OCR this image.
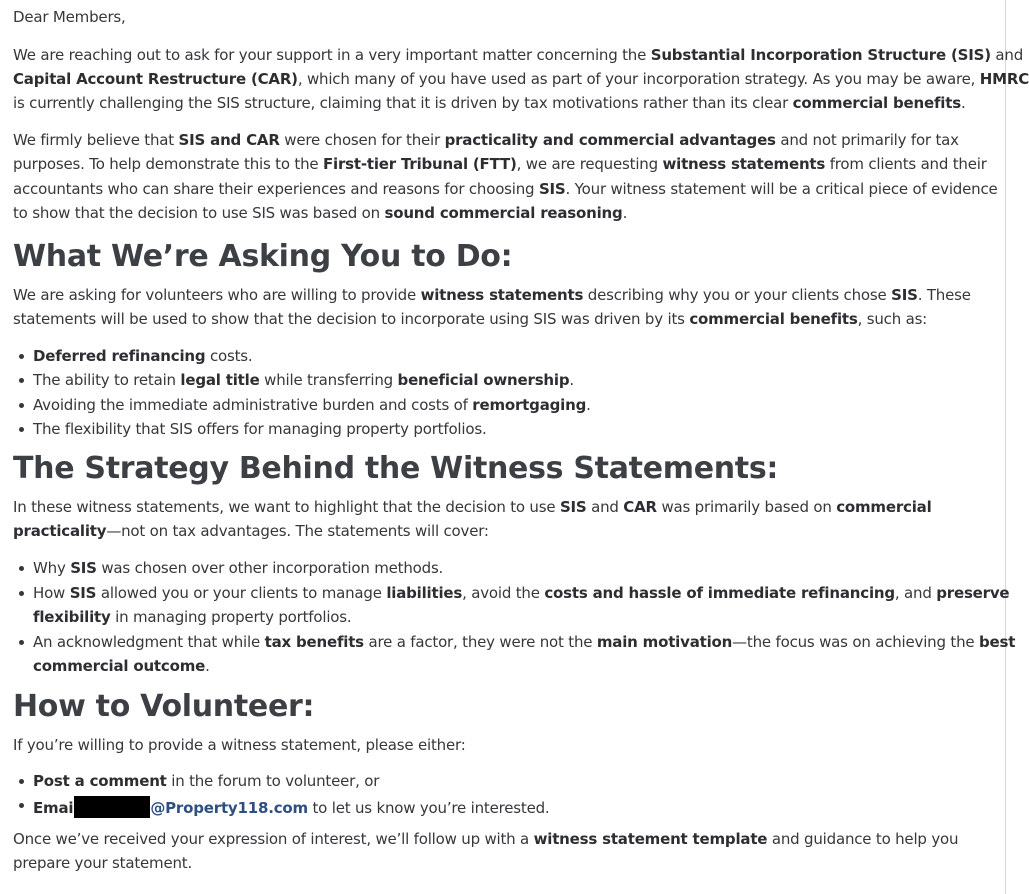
Dear Members,
We are reaching out to ask for your support in a very important matter concerning the Substantial Incorporation Structure (SIS) and
Capital Account Restructure (CAR), which many of you have used as part of your incorporation strategy. As you may be aware, HMRC
is currently challenging the SIS structure, claiming that it is driven by tax motivations rather than its clear commercial benefits.
We firmly believe that SIS and CAR were chosen for their practicality and commercial advantages and not primarily for tax
purposes. To help demonstrate this to the First-tier Tribunal (FTT), we are requesting witness statements from clients and their
accountants who can share their experiences and reasons for choosing SIS. Your witness statement will be a critical piece of evidence
to show that the decision to use SIS was based on sound commercial reasoning.
What We’re Asking You to Do:
We are asking for volunteers who are willing to provide witness statements describing why you or your clients chose SIS. These
statements will be used to show that the decision to incorporate using SIS was driven by its commercial benefits, such as:
Deferred refinancing costs.
The ability to retain legal title while transferring beneficial ownership.
Avoiding the immediate administrative burden and costs of remortgaging.
The flexibility that SIS offers for managing property portfolios.
The Strategy Behind the Witness Statements:
In these witness statements, we want to highlight that the decision to use SIS and CAR was primarily based on commercial
practicality—not on tax advantages. The statements will cover:
Why SIS was chosen over other incorporation methods.
How SIS allowed you or your clients to manage liabilities, avoid the costs and hassle of immediate refinancing, and preserve
flexibility in managing property portfolios.
An acknowledgment that while tax benefits are a factor, they were not the main motivation—the focus was on achieving the best
commercial outcome.
How to Volunteer:
If you’re willing to provide a witness statement, please either:
Post a comment in the forum to volunteer, or
Emai	@Property118.com to let us know you’re interested.
Once we’ve received your expression of interest, we’ll follow up with a witness statement template and guidance to help you
prepare your statement.
